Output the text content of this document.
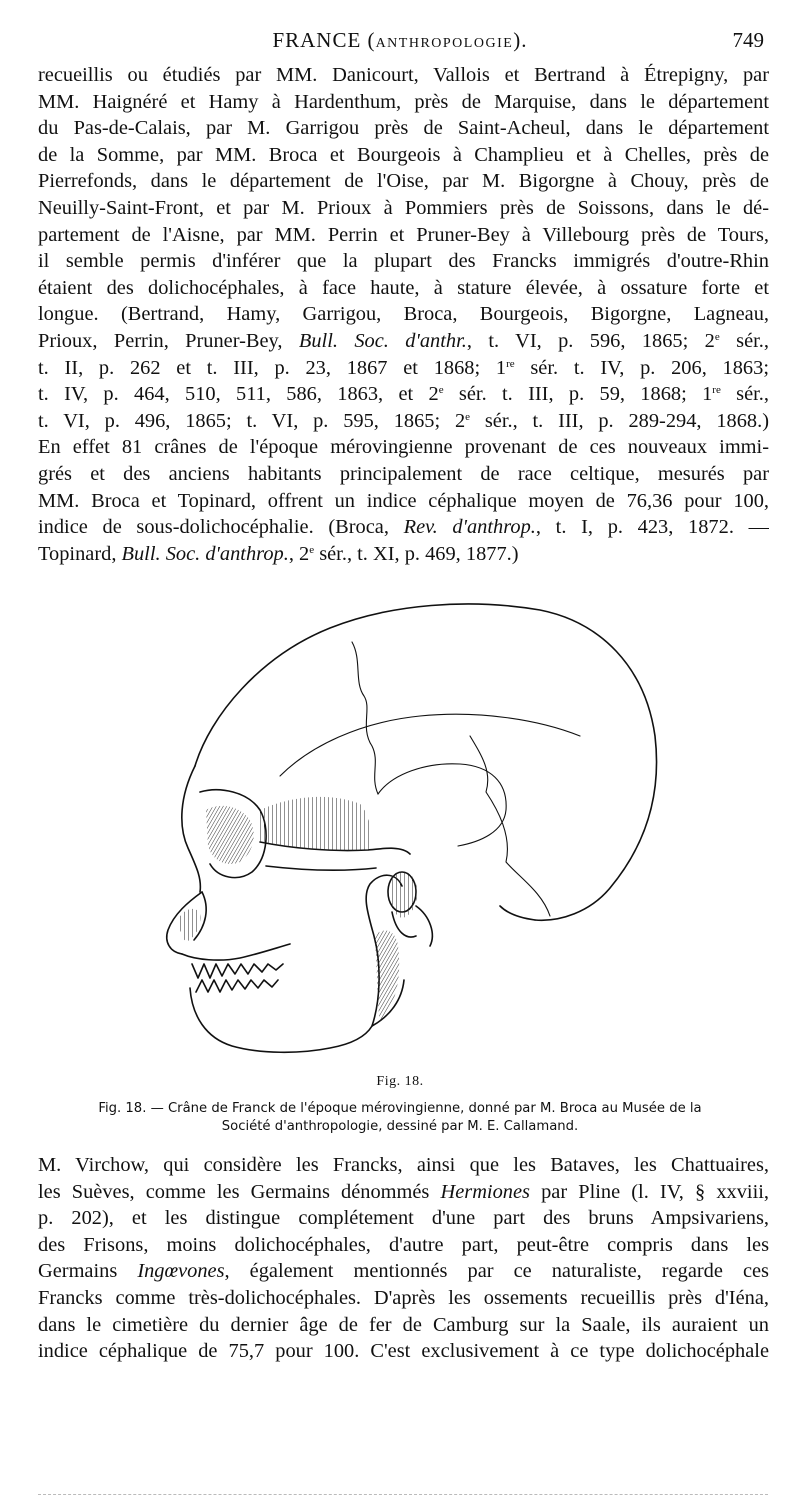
FRANCE (ANTHROPOLOGIE).	749
recueillis ou étudiés par MM. Danicourt, Vallois et Bertrand à Étrepigny, par
MM. Haignéré et Hamy à Hardenthum, près de Marquise, dans le département
du Pas-de-Calais, par M. Garrigou près de Saint-Acheul, dans le département
de la Somme, par MM. Broca et Bourgeois à Champlieu et à Chelles, près de
Pierrefonds, dans le département de l'Oise, par M. Bigorgne à Chouy, près de
Neuilly-Saint-Front, et par M. Prioux à Pommiers près de Soissons, dans le dé-
partement de l'Aisne, par MM. Perrin et Pruner-Bey à Villebourg près de Tours,
il semble permis d'inférer que la plupart des Francks immigrés d'outre-Rhin
étaient des dolichocéphales, à face haute, à stature élevée, à ossature forte et
longue. (Bertrand, Hamy, Garrigou, Broca, Bourgeois, Bigorgne, Lagneau,
Prioux, Perrin, Pruner-Bey, Bull. Soc. d'anthr., t. VI, p. 596, 1865; 2e sér.,
t. II, p. 262 et t. III, p. 23, 1867 et 1868; 1re sér. t. IV, p. 206, 1863;
t. IV, p. 464, 510, 511, 586, 1863, et 2e sér. t. III, p. 59, 1868; 1re sér.,
t. VI, p. 496, 1865; t. VI, p. 595, 1865; 2e sér., t. III, p. 289-294, 1868.)
En effet 81 crânes de l'époque mérovingienne provenant de ces nouveaux immi-
grés et des anciens habitants principalement de race celtique, mesurés par
MM. Broca et Topinard, offrent un indice céphalique moyen de 76,36 pour 100,
indice de sous-dolichocéphalie. (Broca, Rev. d'anthrop., t. I, p. 423, 1872. —
Topinard, Bull. Soc. d'anthrop., 2e sér., t. XI, p. 469, 1877.)
Fig. 18.
Fig. 18. — Crâne de Franck de l'époque mérovingienne, donné par M. Broca au Musée de la
Société d'anthropologie, dessiné par M. E. Callamand.
M. Virchow, qui considère les Francks, ainsi que les Bataves, les Chattuaires,
les Suèves, comme les Germains dénommés Hermiones par Pline (l. IV, § xxviii,
p. 202), et les distingue complétement d'une part des bruns Ampsivariens,
des Frisons, moins dolichocéphales, d'autre part, peut-être compris dans les
Germains Ingœvones, également mentionnés par ce naturaliste, regarde ces
Francks comme très-dolichocéphales. D'après les ossements recueillis près d'Iéna,
dans le cimetière du dernier âge de fer de Camburg sur la Saale, ils auraient un
indice céphalique de 75,7 pour 100. C'est exclusivement à ce type dolichocéphale
